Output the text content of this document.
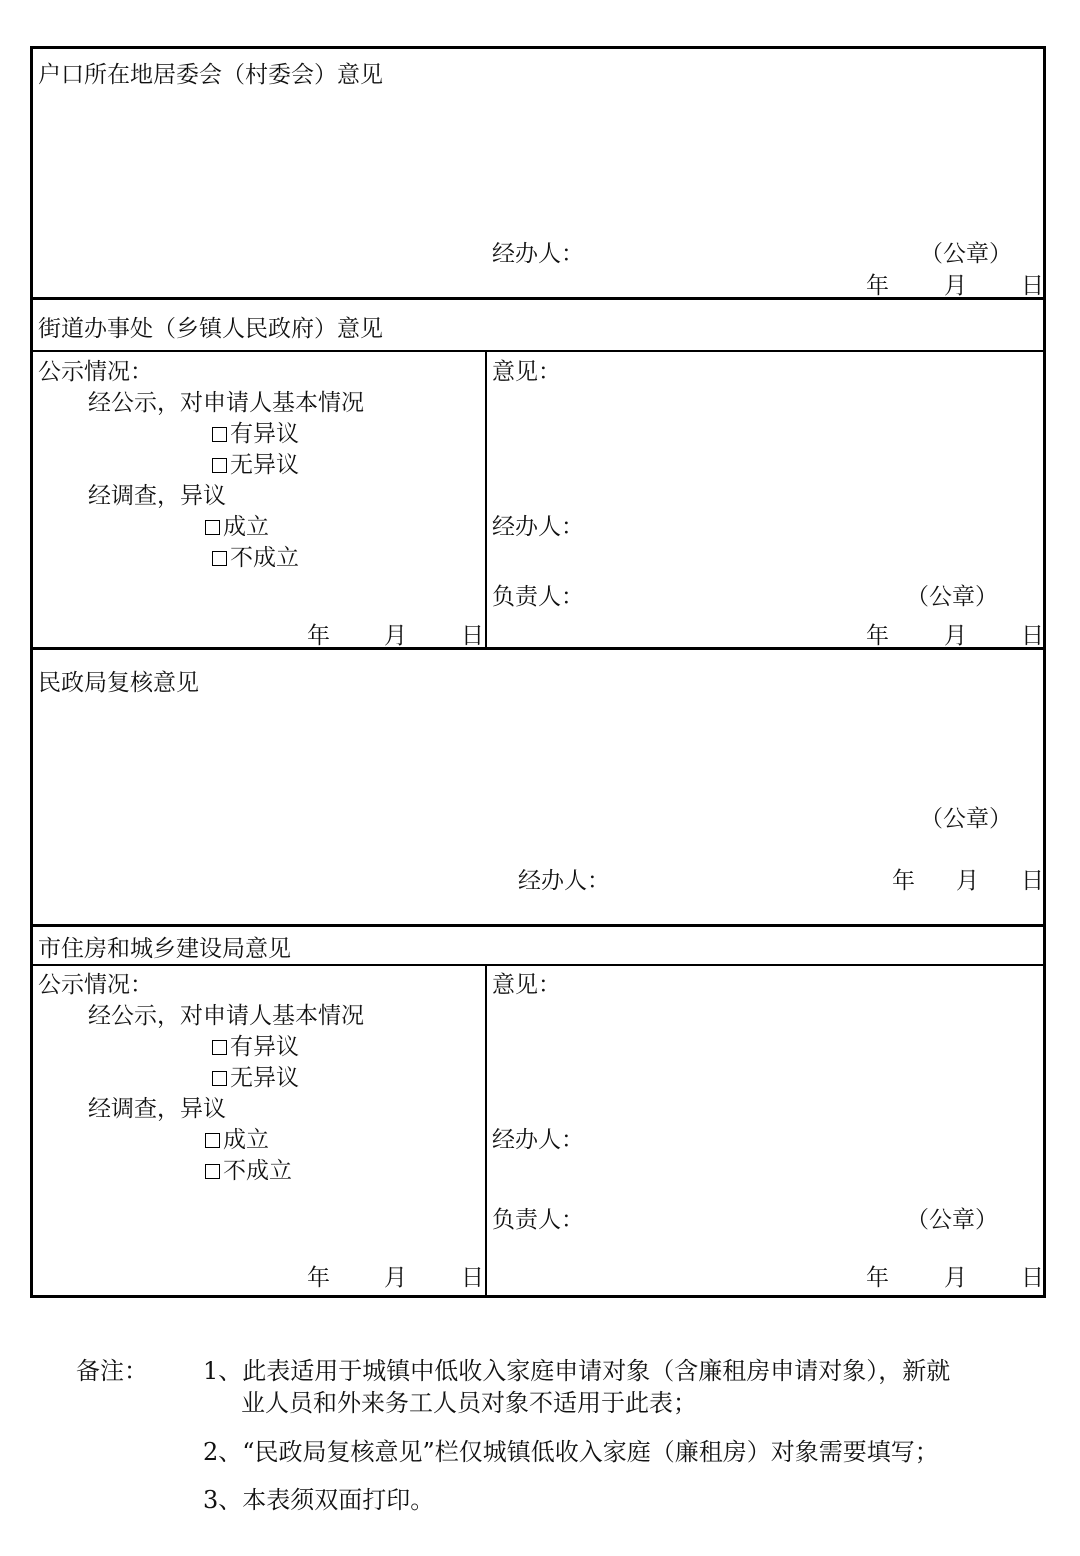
户口所在地居委会（村委会）意见
经办人：	（公章）
年 月 日
街道办事处（乡镇人民政府）意见
公示情况：
经公示，对申请人基本情况
有异议
无异议
经调查，异议
成立
不成立
年 月 日
意见：
经办人：
负责人：	（公章）
年 月 日
民政局复核意见
（公章）
经办人：	年 月 日
市住房和城乡建设局意见
公示情况：
经公示，对申请人基本情况
有异议
无异议
经调查，异议
成立
不成立
年 月 日
意见：
经办人：
负责人：	（公章）
年 月 日
备注： 1、此表适用于城镇中低收入家庭申请对象（含廉租房申请对象），新就
业人员和外来务工人员对象不适用于此表；
2、“民政局复核意见”栏仅城镇低收入家庭（廉租房）对象需要填写；
3、本表须双面打印。
